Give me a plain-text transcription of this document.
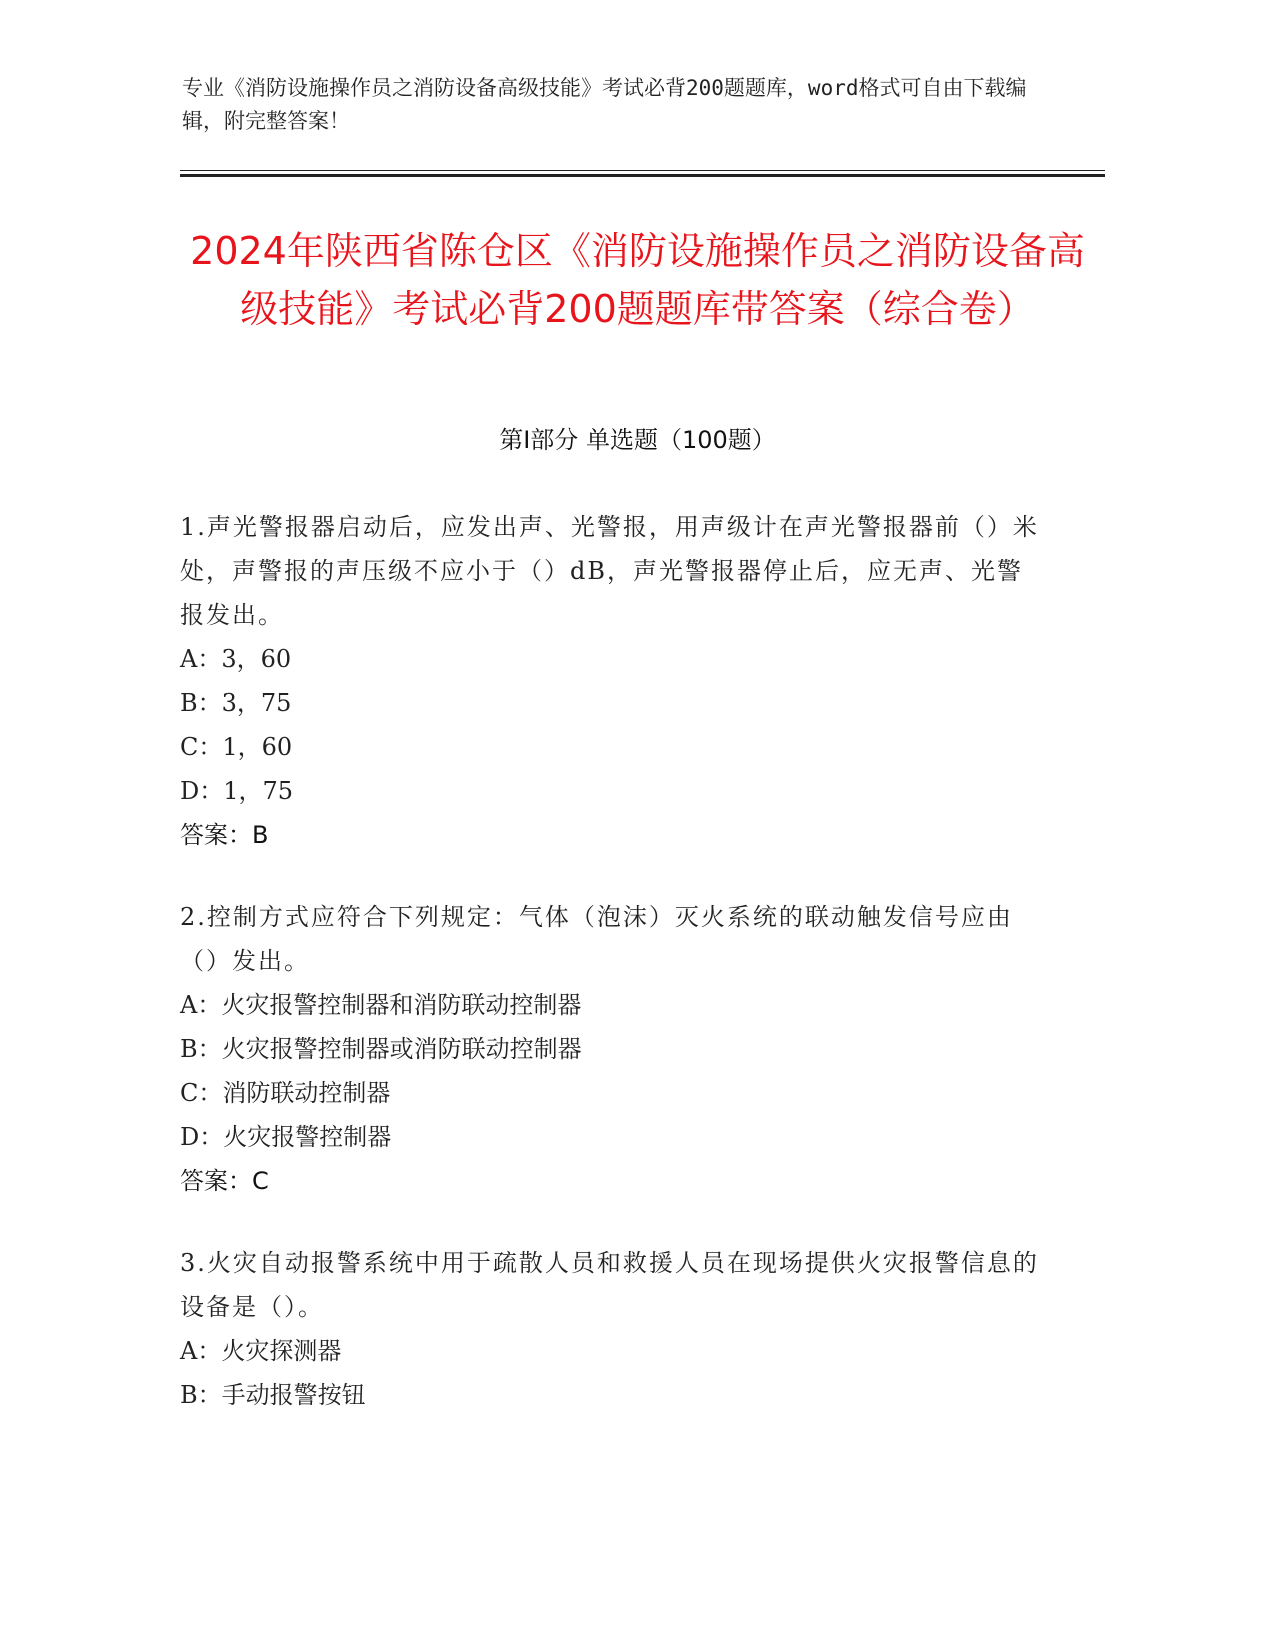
专业《消防设施操作员之消防设备高级技能》考试必背200题题库，word格式可自由下载编辑，附完整答案！
2024年陕西省陈仓区《消防设施操作员之消防设备高级技能》考试必背200题题库带答案（综合卷）
第I部分 单选题（100题）
1.声光警报器启动后，应发出声、光警报，用声级计在声光警报器前（）米处，声警报的声压级不应小于（）dB，声光警报器停止后，应无声、光警报发出。
A：3，60
B：3，75
C：1，60
D：1，75
答案：B
2.控制方式应符合下列规定：气体（泡沫）灭火系统的联动触发信号应由（）发出。
A：火灾报警控制器和消防联动控制器
B：火灾报警控制器或消防联动控制器
C：消防联动控制器
D：火灾报警控制器
答案：C
3.火灾自动报警系统中用于疏散人员和救援人员在现场提供火灾报警信息的设备是（）。
A：火灾探测器
B：手动报警按钮
